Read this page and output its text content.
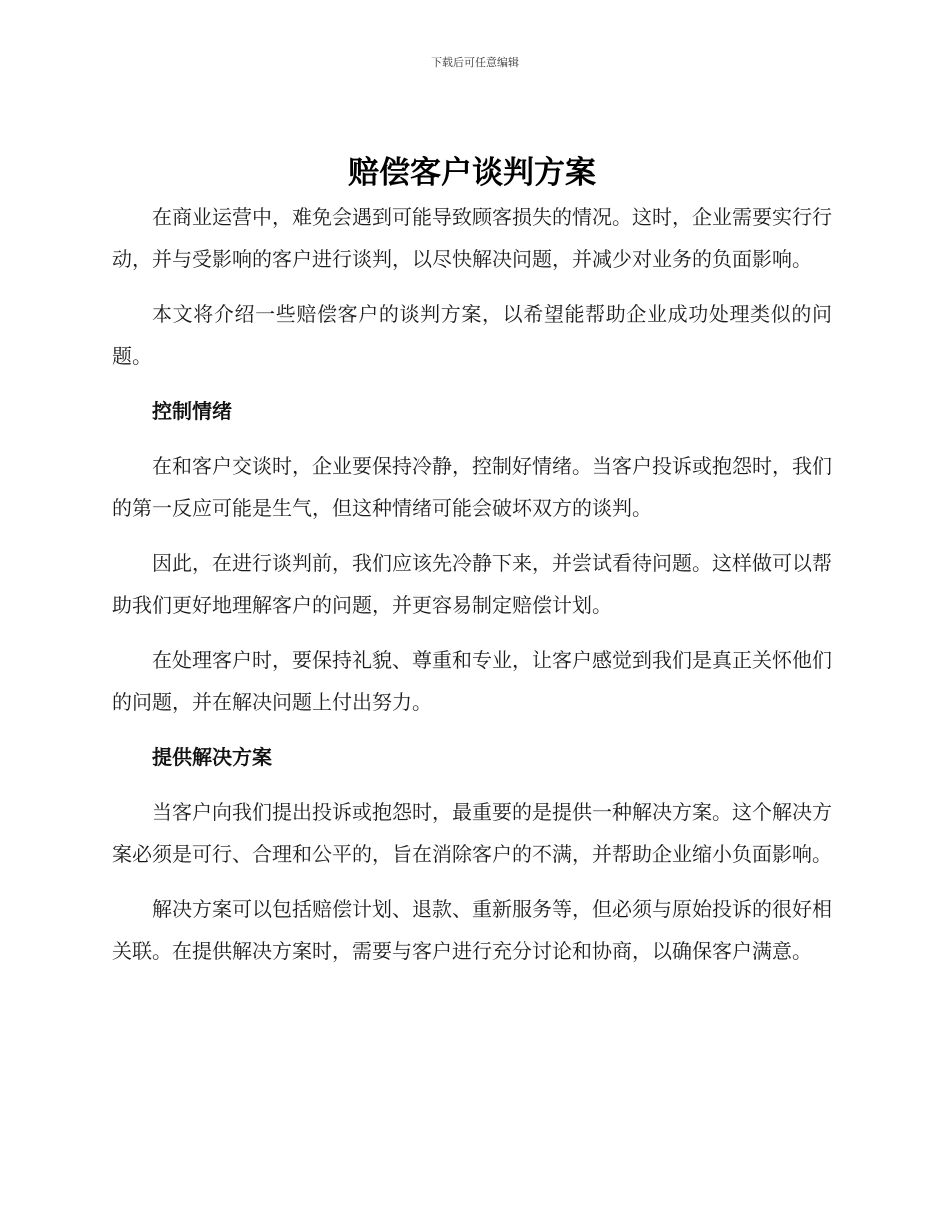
下载后可任意编辑
赔偿客户谈判方案

在商业运营中，难免会遇到可能导致顾客损失的情况。这时，企业需要实行行动，并与受影响的客户进行谈判，以尽快解决问题，并减少对业务的负面影响。

本文将介绍一些赔偿客户的谈判方案，以希望能帮助企业成功处理类似的问题。

控制情绪

在和客户交谈时，企业要保持冷静，控制好情绪。当客户投诉或抱怨时，我们的第一反应可能是生气，但这种情绪可能会破坏双方的谈判。

因此，在进行谈判前，我们应该先冷静下来，并尝试看待问题。这样做可以帮助我们更好地理解客户的问题，并更容易制定赔偿计划。

在处理客户时，要保持礼貌、尊重和专业，让客户感觉到我们是真正关怀他们的问题，并在解决问题上付出努力。

提供解决方案

当客户向我们提出投诉或抱怨时，最重要的是提供一种解决方案。这个解决方案必须是可行、合理和公平的，旨在消除客户的不满，并帮助企业缩小负面影响。

解决方案可以包括赔偿计划、退款、重新服务等，但必须与原始投诉的很好相关联。在提供解决方案时，需要与客户进行充分讨论和协商，以确保客户满意。
